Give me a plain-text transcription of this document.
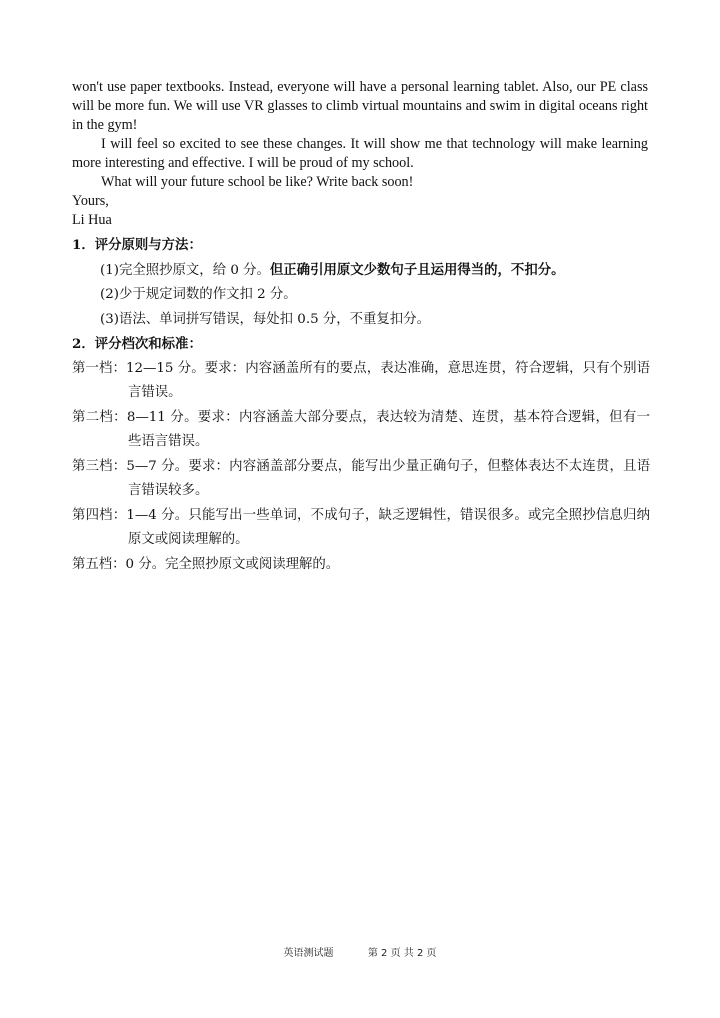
won't use paper textbooks. Instead, everyone will have a personal learning tablet. Also, our PE class will be more fun. We will use VR glasses to climb virtual mountains and swim in digital oceans right in the gym!

I will feel so excited to see these changes. It will show me that technology will make learning more interesting and effective. I will be proud of my school.

What will your future school be like? Write back soon!

Yours,

Li Hua

1．评分原则与方法：

(1)完全照抄原文，给 0 分。但正确引用原文少数句子且运用得当的，不扣分。

(2)少于规定词数的作文扣 2 分。

(3)语法、单词拼写错误，每处扣 0.5 分，不重复扣分。

2．评分档次和标准：

第一档：12—15 分。要求：内容涵盖所有的要点，表达准确，意思连贯，符合逻辑，只有个别语言错误。

第二档：8—11 分。要求：内容涵盖大部分要点，表达较为清楚、连贯，基本符合逻辑，但有一些语言错误。

第三档：5—7 分。要求：内容涵盖部分要点，能写出少量正确句子，但整体表达不太连贯，且语言错误较多。

第四档：1—4 分。只能写出一些单词，不成句子，缺乏逻辑性，错误很多。或完全照抄信息归纳原文或阅读理解的。

第五档：0 分。完全照抄原文或阅读理解的。

英语测试题	第 2 页 共 2 页
